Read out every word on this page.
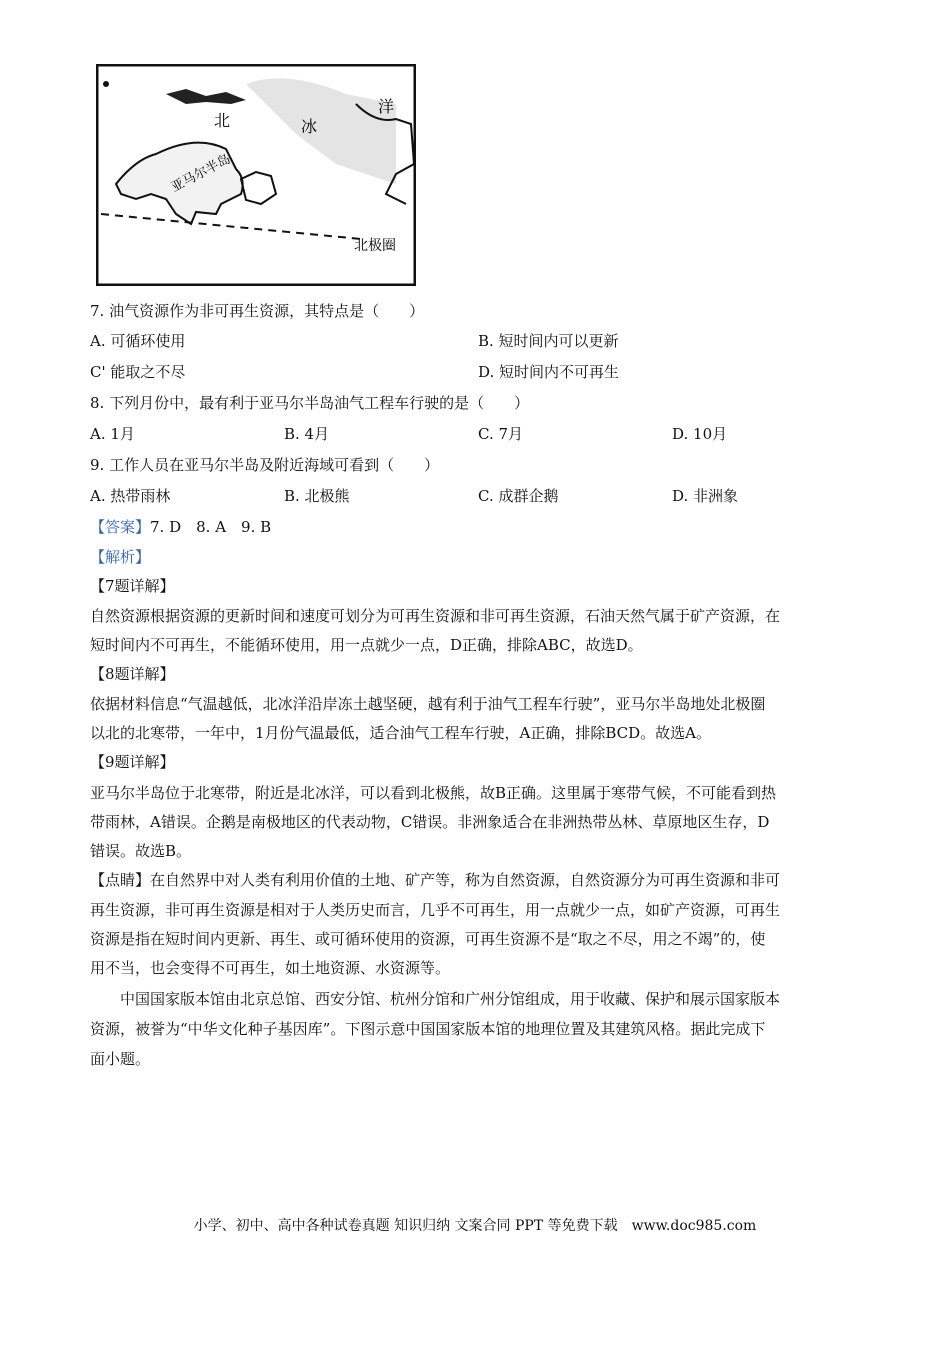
北	冰
洋
亚马尔半岛
北极圈
7. 油气资源作为非可再生资源，其特点是（　　）
A. 可循环使用	B. 短时间内可以更新
C' 能取之不尽	D. 短时间内不可再生
8. 下列月份中，最有利于亚马尔半岛油气工程车行驶的是（　　）
A. 1月	B. 4月	C. 7月	D. 10月
9. 工作人员在亚马尔半岛及附近海域可看到（　　）
A. 热带雨林	B. 北极熊	C. 成群企鹅	D. 非洲象
【答案】7. D　8. A　9. B
【解析】
【7题详解】
自然资源根据资源的更新时间和速度可划分为可再生资源和非可再生资源，石油天然气属于矿产资源，在
短时间内不可再生，不能循环使用，用一点就少一点，D正确，排除ABC，故选D。
【8题详解】
依据材料信息“气温越低，北冰洋沿岸冻土越坚硬，越有利于油气工程车行驶”，亚马尔半岛地处北极圈
以北的北寒带，一年中，1月份气温最低，适合油气工程车行驶，A正确，排除BCD。故选A。
【9题详解】
亚马尔半岛位于北寒带，附近是北冰洋，可以看到北极熊，故B正确。这里属于寒带气候，不可能看到热
带雨林，A错误。企鹅是南极地区的代表动物，C错误。非洲象适合在非洲热带丛林、草原地区生存，D
错误。故选B。
【点睛】在自然界中对人类有利用价值的土地、矿产等，称为自然资源，自然资源分为可再生资源和非可
再生资源，非可再生资源是相对于人类历史而言，几乎不可再生，用一点就少一点，如矿产资源，可再生
资源是指在短时间内更新、再生、或可循环使用的资源，可再生资源不是“取之不尽，用之不竭”的，使
用不当，也会变得不可再生，如土地资源、水资源等。
中国国家版本馆由北京总馆、西安分馆、杭州分馆和广州分馆组成，用于收藏、保护和展示国家版本
资源，被誉为“中华文化种子基因库”。下图示意中国国家版本馆的地理位置及其建筑风格。据此完成下
面小题。
小学、初中、高中各种试卷真题 知识归纳 文案合同 PPT 等免费下载　www.doc985.com
